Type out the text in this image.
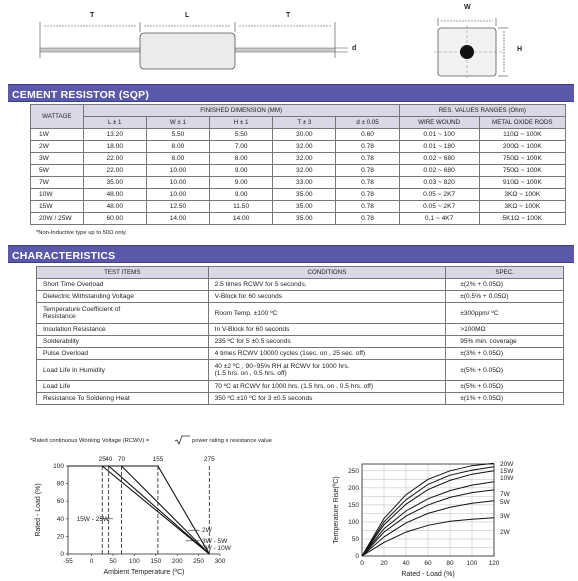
T	L	T
d
W
H
CEMENT RESISTOR (SQP)
WATTAGE	FINISHED DIMENSION (MM)					RES. VALUES RANGES (Ohm)	
	L ± 1	W ± 1	H ± 1	T ± 3	d ± 0.05	WIRE WOUND	METAL OXIDE RODS
1W	13.20	5.50	5.50	30.00	0.60	0.01 ~ 100	110Ω ~ 100K
2W	18.00	8.00	7.00	32.00	0.78	0.01 ~ 180	200Ω ~ 100K
3W	22.00	8.00	8.00	32.00	0.78	0.02 ~ 680	750Ω ~ 100K
5W	22.00	10.00	9.00	32.00	0.78	0.02 ~ 680	750Ω ~ 100K
7W	35.00	10.00	9.00	33.00	0.78	0.03 ~ 820	910Ω ~ 100K
10W	48.00	10.00	9.00	35.00	0.78	0.05 ~ 2K7	3KΩ ~ 100K
15W	48.00	12.50	11.50	35.00	0.78	0.05 ~ 2K7	3KΩ ~ 100K
20W / 25W	60.00	14.00	14.00	35.00	0.78	0.1 ~ 4K7	5K1Ω ~ 100K
*Non-Inductive type up to 50Ω only.
CHARACTERISTICS
TEST ITEMS	CONDITIONS	SPEC.

Short Time Overload	2.5 times RCWV for 5 seconds.	±(2% + 0.05Ω)

Dielectric Withstanding Voltage	V-Block for 60 seconds	±(0.5% + 0.05Ω)

Temperature Coefficient of
Resistance	Room Temp. ±100 ºC	±300ppm/ ºC

Insulation Resistance	In V-Block for 60 seconds	>100MΩ

Solderability	235 ºC for 5 ±0.5 seconds	95% min. coverage

Pulse Overload	4 times RCWV 10000 cycles (1sec. on , 25 sec. off)	±(3% + 0.05Ω)

Load Life In Humidity	40 ±2 ºC , 90~95% RH at RCWV for 1000 hrs.
(1.5 hrs. on , 0.5 hrs. off)	±(5% + 0.05Ω)

Load Life	70 ºC at RCWV for 1000 hrs. (1.5 hrs. on , 0.5 hrs. off)	±(5% + 0.05Ω)

Resistance To Soldering Heat	350 ºC ±10 ºC for 3 ±0.5 seconds	±(1% + 0.05Ω)
*Rated continuous Working Voltage (RCWV) =	power rating x resistance value
-55	0 50 100 150 200 250 300
0
20
40
60
80
100
25 40 70	155	275
2W
3W - 5W
7W - 10W
15W - 25W
Ambient Temperature (ºC)
Rated - Load (%)
0	20 40 60 80 100 120
0
50
100
150
200
250
20W
15W
10W
7W
5W
3W
2W
Rated - Load (%)
Temperature Rise(ºC)
